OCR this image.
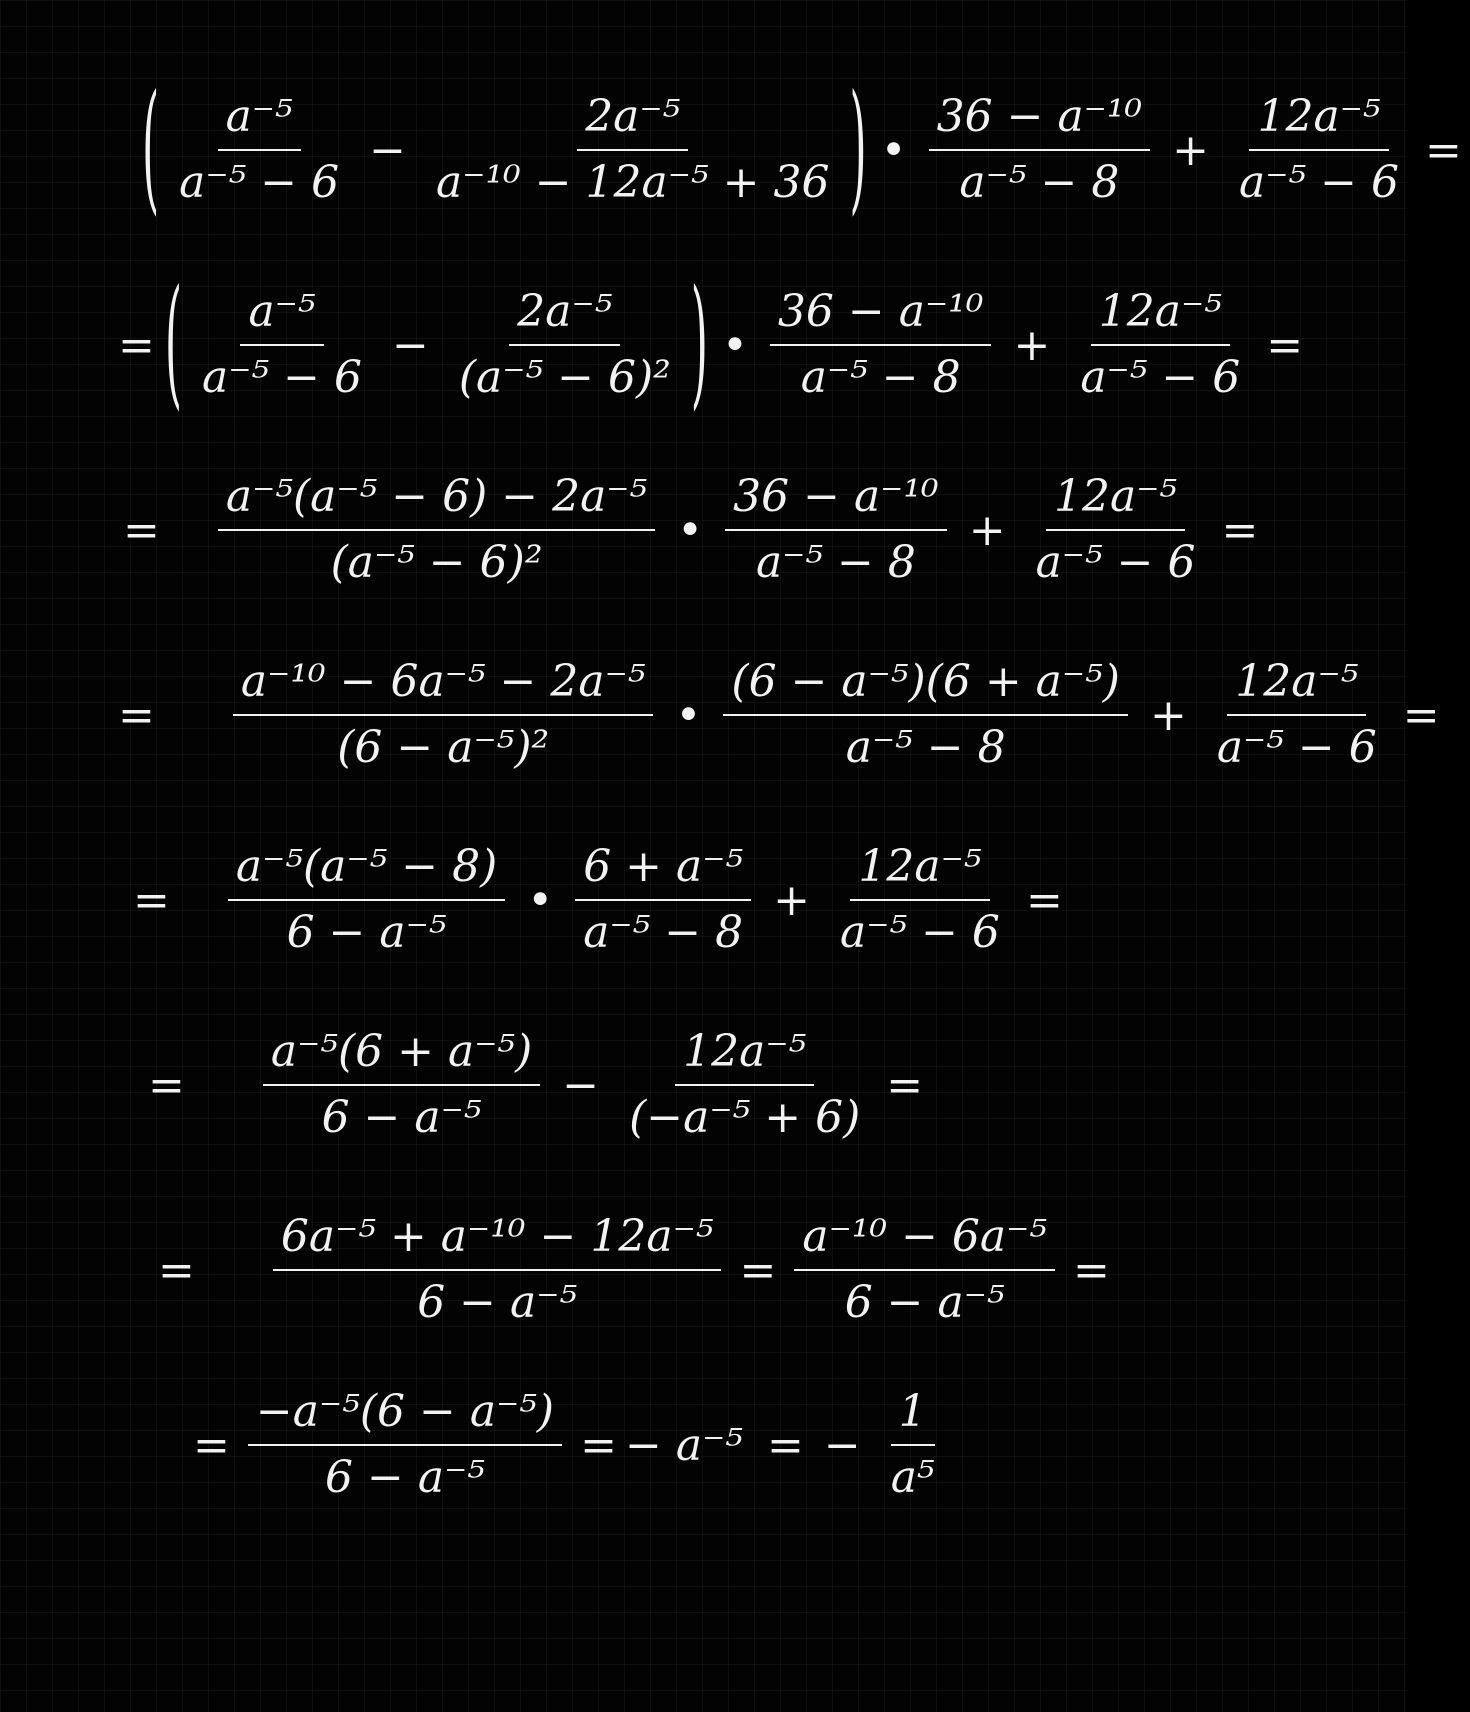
( $\frac{\text{a⁻⁵}}{\text{a⁻⁵ − 6}} - \frac{\text{2a⁻⁵}}{\text{a⁻¹⁰ − 12a⁻⁵ + 36}}$ ) • $\frac{\text{36 − a⁻¹⁰}}{\text{a⁻⁵ − 8}} + \frac{\text{12a⁻⁵}}{\text{a⁻⁵ − 6}}$ =
= ( $\frac{\text{a⁻⁵}}{\text{a⁻⁵ − 6}} - \frac{\text{2a⁻⁵}}{\text{(a⁻⁵ − 6)²}}$ ) • $\frac{\text{36 − a⁻¹⁰}}{\text{a⁻⁵ − 8}} + \frac{\text{12a⁻⁵}}{\text{a⁻⁵ − 6}}$ =
= $\frac{\text{a⁻⁵(a⁻⁵ − 6) − 2a⁻⁵}}{\text{(a⁻⁵ − 6)²}}$ • $\frac{\text{36 − a⁻¹⁰}}{\text{a⁻⁵ − 8}} + \frac{\text{12a⁻⁵}}{\text{a⁻⁵ − 6}}$ =
= $\frac{\text{a⁻¹⁰ − 6a⁻⁵ − 2a⁻⁵}}{\text{(6 − a⁻⁵)²}}$ • $\frac{\text{(6 − a⁻⁵)(6 + a⁻⁵)}}{\text{a⁻⁵ − 8}} + \frac{\text{12a⁻⁵}}{\text{a⁻⁵ − 6}}$ =
= $\frac{\text{a⁻⁵(a⁻⁵ − 8)}}{\text{6 − a⁻⁵}}$ • $\frac{\text{6 + a⁻⁵}}{\text{a⁻⁵ − 8}} + \frac{\text{12a⁻⁵}}{\text{a⁻⁵ − 6}}$ =
= $\frac{\text{a⁻⁵(6 + a⁻⁵)}}{\text{6 − a⁻⁵}} - \frac{\text{12a⁻⁵}}{\text{(−a⁻⁵ + 6)}}$ =
= $\frac{\text{6a⁻⁵ + a⁻¹⁰ − 12a⁻⁵}}{\text{6 − a⁻⁵}} = \frac{\text{a⁻¹⁰ − 6a⁻⁵}}{\text{6 − a⁻⁵}}$ =
= $\frac{\text{−a⁻⁵(6 − a⁻⁵)}}{\text{6 − a⁻⁵}}$ = − a⁻⁵ = − $\frac{1}{\text{a⁵}}$
